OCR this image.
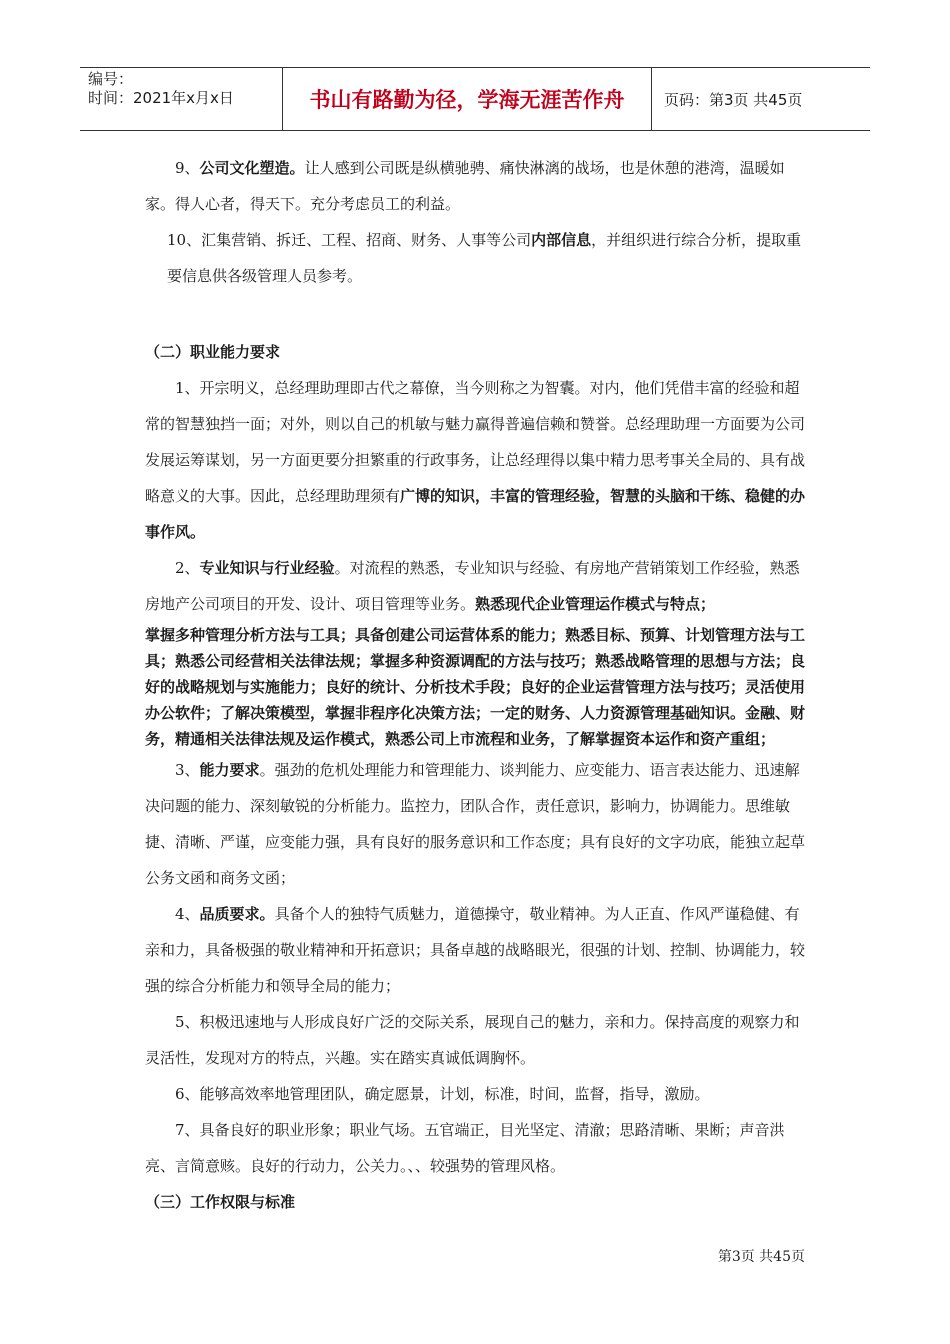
编号：
时间：2021年x月x日	书山有路勤为径，学海无涯苦作舟	页码：第3页 共45页

9、公司文化塑造。让人感到公司既是纵横驰骋、痛快淋漓的战场，也是休憩的港湾，温暖如家。得人心者，得天下。充分考虑员工的利益。

10、汇集营销、拆迁、工程、招商、财务、人事等公司内部信息，并组织进行综合分析，提取重要信息供各级管理人员参考。

（二）职业能力要求

1、开宗明义，总经理助理即古代之幕僚，当今则称之为智囊。对内，他们凭借丰富的经验和超常的智慧独挡一面；对外，则以自己的机敏与魅力赢得普遍信赖和赞誉。总经理助理一方面要为公司发展运筹谋划，另一方面更要分担繁重的行政事务，让总经理得以集中精力思考事关全局的、具有战略意义的大事。因此，总经理助理须有广博的知识，丰富的管理经验，智慧的头脑和干练、稳健的办事作风。

2、专业知识与行业经验。对流程的熟悉，专业知识与经验、有房地产营销策划工作经验，熟悉房地产公司项目的开发、设计、项目管理等业务。熟悉现代企业管理运作模式与特点；

掌握多种管理分析方法与工具；具备创建公司运营体系的能力；熟悉目标、预算、计划管理方法与工具；熟悉公司经营相关法律法规；掌握多种资源调配的方法与技巧；熟悉战略管理的思想与方法；良好的战略规划与实施能力；良好的统计、分析技术手段；良好的企业运营管理方法与技巧；灵活使用办公软件；了解决策模型，掌握非程序化决策方法；一定的财务、人力资源管理基础知识。金融、财务，精通相关法律法规及运作模式，熟悉公司上市流程和业务，了解掌握资本运作和资产重组；

3、能力要求。强劲的危机处理能力和管理能力、谈判能力、应变能力、语言表达能力、迅速解决问题的能力、深刻敏锐的分析能力。监控力，团队合作，责任意识，影响力，协调能力。思维敏捷、清晰、严谨，应变能力强，具有良好的服务意识和工作态度；具有良好的文字功底，能独立起草公务文函和商务文函；

4、品质要求。具备个人的独特气质魅力，道德操守，敬业精神。为人正直、作风严谨稳健、有亲和力，具备极强的敬业精神和开拓意识；具备卓越的战略眼光，很强的计划、控制、协调能力，较强的综合分析能力和领导全局的能力；

5、积极迅速地与人形成良好广泛的交际关系，展现自己的魅力，亲和力。保持高度的观察力和灵活性，发现对方的特点，兴趣。实在踏实真诚低调胸怀。

6、能够高效率地管理团队，确定愿景，计划，标准，时间，监督，指导，激励。

7、具备良好的职业形象；职业气场。五官端正，目光坚定、清澈；思路清晰、果断；声音洪亮、言简意赅。良好的行动力，公关力。、、较强势的管理风格。

（三）工作权限与标准

第3页 共45页
